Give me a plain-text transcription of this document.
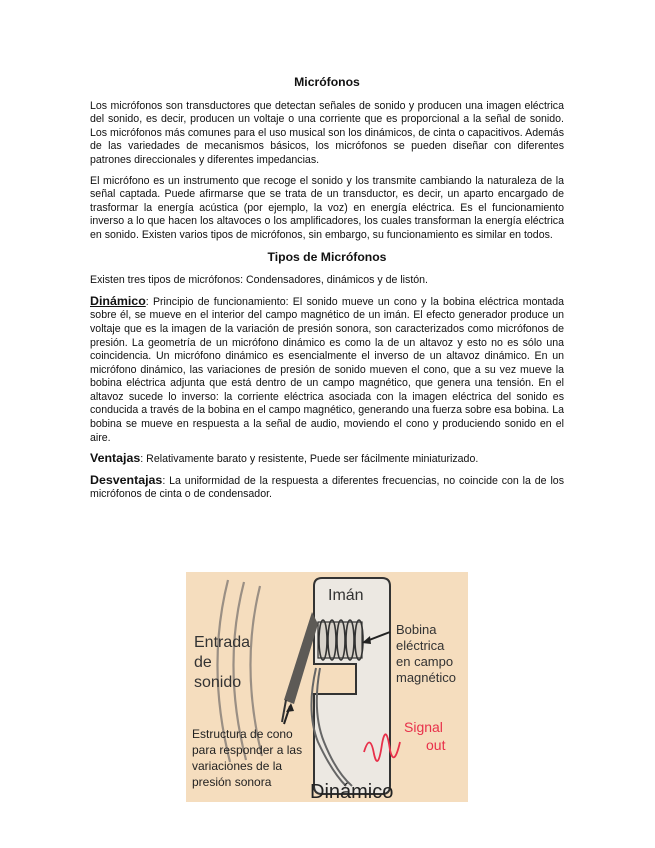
Micrófonos

Los micrófonos son transductores que detectan señales de sonido y producen una imagen eléctrica del sonido, es decir, producen un voltaje o una corriente que es proporcional a la señal de sonido. Los micrófonos más comunes para el uso musical son los dinámicos, de cinta o capacitivos. Además de las variedades de mecanismos básicos, los micrófonos se pueden diseñar con diferentes patrones direccionales y diferentes impedancias.

El micrófono es un instrumento que recoge el sonido y los transmite cambiando la naturaleza de la señal captada. Puede afirmarse que se trata de un transductor, es decir, un aparto encargado de trasformar la energía acústica (por ejemplo, la voz) en energía eléctrica. Es el funcionamiento inverso a lo que hacen los altavoces o los amplificadores, los cuales transforman la energía eléctrica en sonido. Existen varios tipos de micrófonos, sin embargo, su funcionamiento es similar en todos.

Tipos de Micrófonos

Existen tres tipos de micrófonos: Condensadores, dinámicos y de listón.

Dinámico: Principio de funcionamiento: El sonido mueve un cono y la bobina eléctrica montada sobre él, se mueve en el interior del campo magnético de un imán. El efecto generador produce un voltaje que es la imagen de la variación de presión sonora, son caracterizados como micrófonos de presión. La geometría de un micrófono dinámico es como la de un altavoz y esto no es sólo una coincidencia. Un micrófono dinámico es esencialmente el inverso de un altavoz dinámico. En un micrófono dinámico, las variaciones de presión de sonido mueven el cono, que a su vez mueve la bobina eléctrica adjunta que está dentro de un campo magnético, que genera una tensión. En el altavoz sucede lo inverso: la corriente eléctrica asociada con la imagen eléctrica del sonido es conducida a través de la bobina en el campo magnético, generando una fuerza sobre esa bobina. La bobina se mueve en respuesta a la señal de audio, moviendo el cono y produciendo sonido en el aire.

Ventajas: Relativamente barato y resistente, Puede ser fácilmente miniaturizado.

Desventajas: La uniformidad de la respuesta a diferentes frecuencias, no coincide con la de los micrófonos de cinta o de condensador.

Imán
Entrada de sonido
Bobina eléctrica en campo magnético
Estructura de cono para responder a las variaciones de la presión sonora
Signal out
Dinámico
